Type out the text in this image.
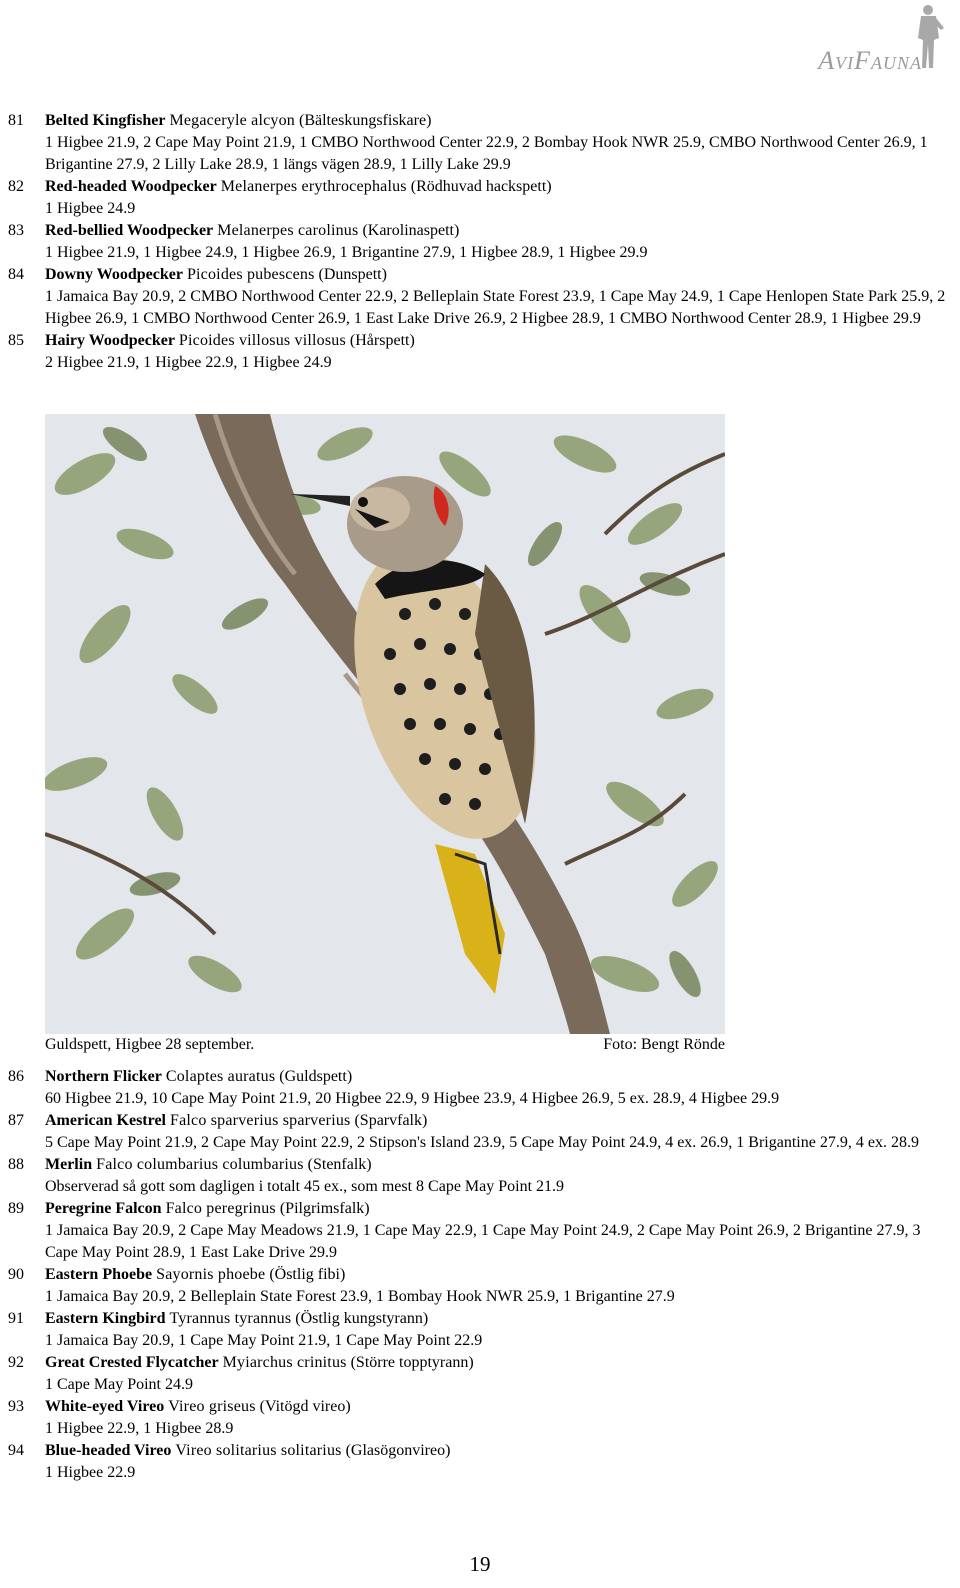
AviFauna
81 Belted Kingfisher Megaceryle alcyon (Bälteskungsfiskare)
1 Higbee 21.9, 2 Cape May Point 21.9, 1 CMBO Northwood Center 22.9, 2 Bombay Hook NWR 25.9, CMBO Northwood Center 26.9, 1 Brigantine 27.9, 2 Lilly Lake 28.9, 1 längs vägen 28.9, 1 Lilly Lake 29.9
82 Red-headed Woodpecker Melanerpes erythrocephalus (Rödhuvad hackspett)
1 Higbee 24.9
83 Red-bellied Woodpecker Melanerpes carolinus (Karolinaspett)
1 Higbee 21.9, 1 Higbee 24.9, 1 Higbee 26.9, 1 Brigantine 27.9, 1 Higbee 28.9, 1 Higbee 29.9
84 Downy Woodpecker Picoides pubescens (Dunspett)
1 Jamaica Bay 20.9, 2 CMBO Northwood Center 22.9, 2 Belleplain State Forest 23.9, 1 Cape May 24.9, 1 Cape Henlopen State Park 25.9, 2 Higbee 26.9, 1 CMBO Northwood Center 26.9, 1 East Lake Drive 26.9, 2 Higbee 28.9, 1 CMBO Northwood Center 28.9, 1 Higbee 29.9
85 Hairy Woodpecker Picoides villosus villosus (Hårspett)
2 Higbee 21.9, 1 Higbee 22.9, 1 Higbee 24.9
Guldspett, Higbee 28 september.	Foto: Bengt Rönde
86 Northern Flicker Colaptes auratus (Guldspett)
60 Higbee 21.9, 10 Cape May Point 21.9, 20 Higbee 22.9, 9 Higbee 23.9, 4 Higbee 26.9, 5 ex. 28.9, 4 Higbee 29.9
87 American Kestrel Falco sparverius sparverius (Sparvfalk)
5 Cape May Point 21.9, 2 Cape May Point 22.9, 2 Stipson's Island 23.9, 5 Cape May Point 24.9, 4 ex. 26.9, 1 Brigantine 27.9, 4 ex. 28.9
88 Merlin Falco columbarius columbarius (Stenfalk)
Observerad så gott som dagligen i totalt 45 ex., som mest 8 Cape May Point 21.9
89 Peregrine Falcon Falco peregrinus (Pilgrimsfalk)
1 Jamaica Bay 20.9, 2 Cape May Meadows 21.9, 1 Cape May 22.9, 1 Cape May Point 24.9, 2 Cape May Point 26.9, 2 Brigantine 27.9, 3 Cape May Point 28.9, 1 East Lake Drive 29.9
90 Eastern Phoebe Sayornis phoebe (Östlig fibi)
1 Jamaica Bay 20.9, 2 Belleplain State Forest 23.9, 1 Bombay Hook NWR 25.9, 1 Brigantine 27.9
91 Eastern Kingbird Tyrannus tyrannus (Östlig kungstyrann)
1 Jamaica Bay 20.9, 1 Cape May Point 21.9, 1 Cape May Point 22.9
92 Great Crested Flycatcher Myiarchus crinitus (Större topptyrann)
1 Cape May Point 24.9
93 White-eyed Vireo Vireo griseus (Vitögd vireo)
1 Higbee 22.9, 1 Higbee 28.9
94 Blue-headed Vireo Vireo solitarius solitarius (Glasögonvireo)
1 Higbee 22.9
19
